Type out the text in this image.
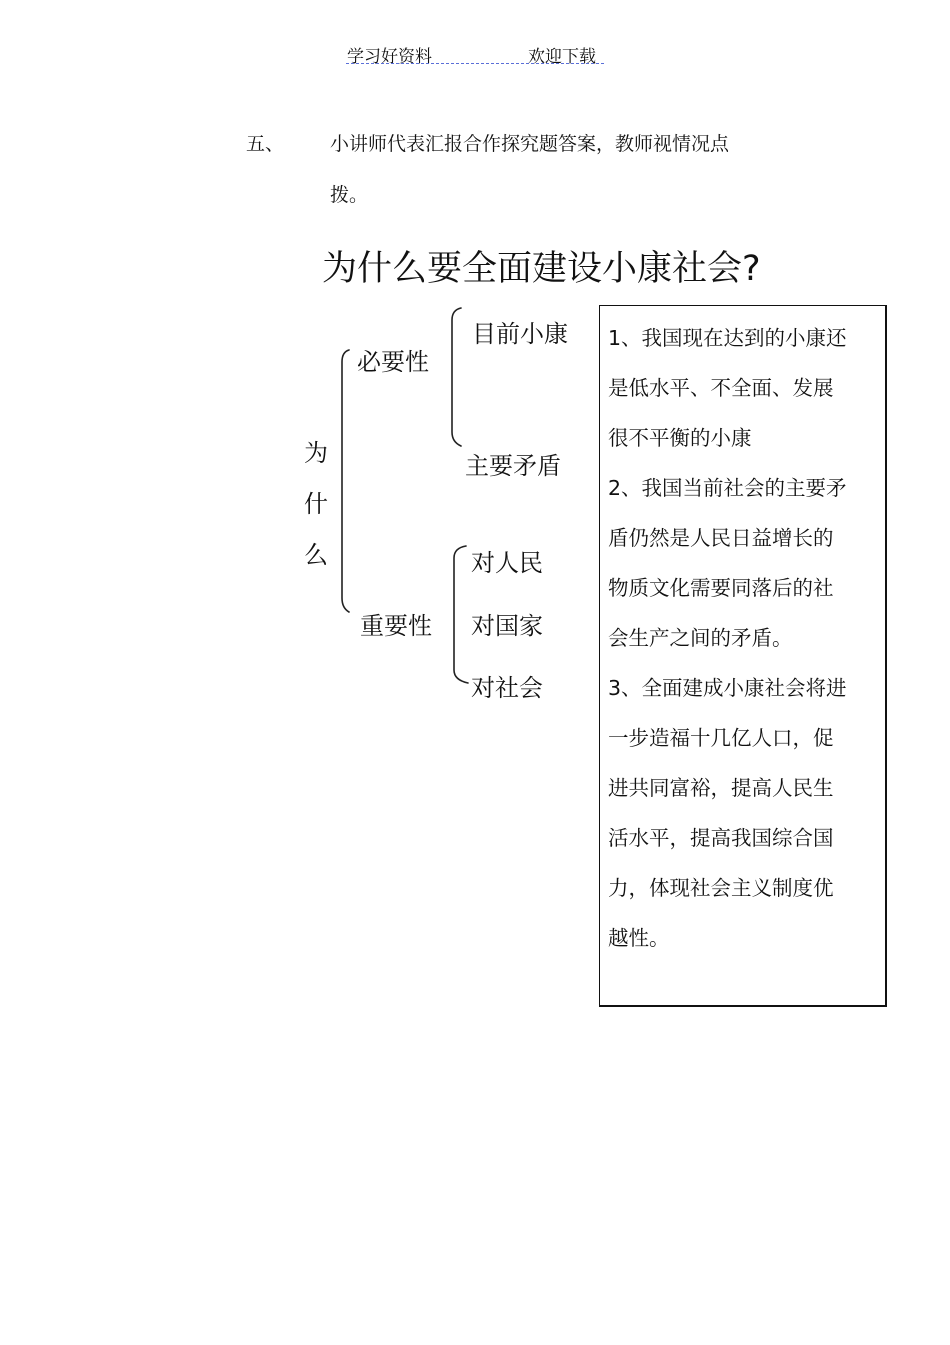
学习好资料	欢迎下载
五、 小讲师代表汇报合作探究题答案，教师视情况点
拨。
为什么要全面建设小康社会?
为什么
必要性
目前小康
主要矛盾
重要性
对人民
对国家
对社会
1、我国现在达到的小康还
是低水平、不全面、发展
很不平衡的小康
2、我国当前社会的主要矛
盾仍然是人民日益增长的
物质文化需要同落后的社
会生产之间的矛盾。
3、全面建成小康社会将进
一步造福十几亿人口，促
进共同富裕，提高人民生
活水平，提高我国综合国
力，体现社会主义制度优
越性。
